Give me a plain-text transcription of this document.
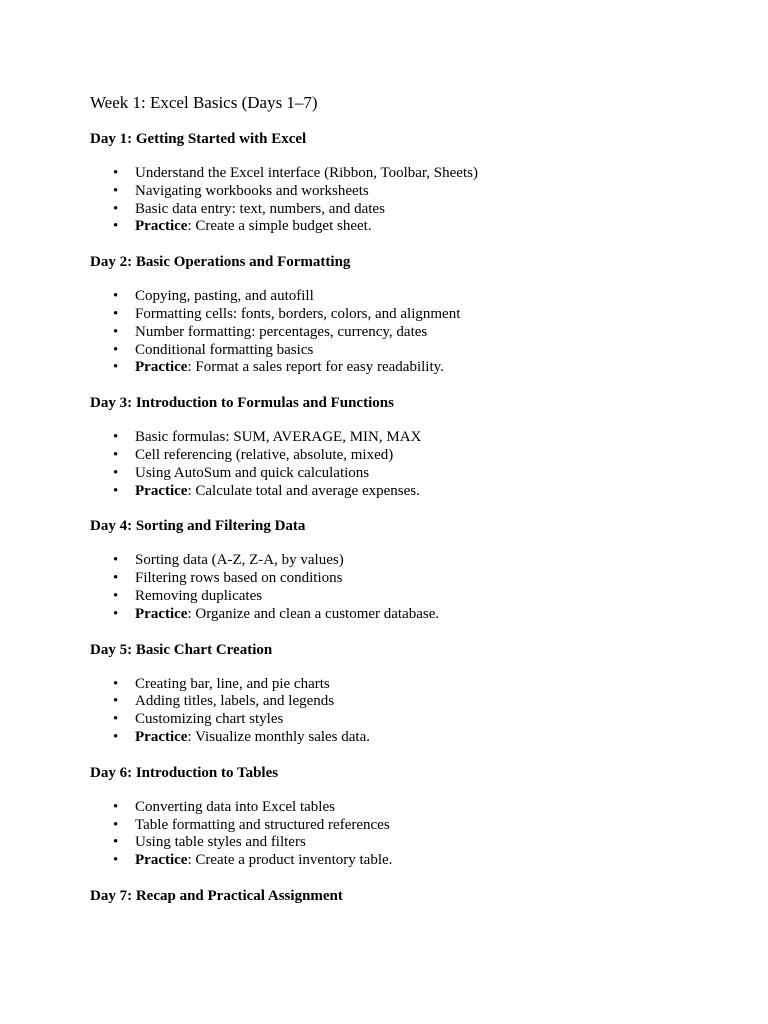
Week 1: Excel Basics (Days 1–7)
Day 1: Getting Started with Excel
• Understand the Excel interface (Ribbon, Toolbar, Sheets)
• Navigating workbooks and worksheets
• Basic data entry: text, numbers, and dates
• Practice: Create a simple budget sheet.
Day 2: Basic Operations and Formatting
• Copying, pasting, and autofill
• Formatting cells: fonts, borders, colors, and alignment
• Number formatting: percentages, currency, dates
• Conditional formatting basics
• Practice: Format a sales report for easy readability.
Day 3: Introduction to Formulas and Functions
• Basic formulas: SUM, AVERAGE, MIN, MAX
• Cell referencing (relative, absolute, mixed)
• Using AutoSum and quick calculations
• Practice: Calculate total and average expenses.
Day 4: Sorting and Filtering Data
• Sorting data (A-Z, Z-A, by values)
• Filtering rows based on conditions
• Removing duplicates
• Practice: Organize and clean a customer database.
Day 5: Basic Chart Creation
• Creating bar, line, and pie charts
• Adding titles, labels, and legends
• Customizing chart styles
• Practice: Visualize monthly sales data.
Day 6: Introduction to Tables
• Converting data into Excel tables
• Table formatting and structured references
• Using table styles and filters
• Practice: Create a product inventory table.
Day 7: Recap and Practical Assignment
